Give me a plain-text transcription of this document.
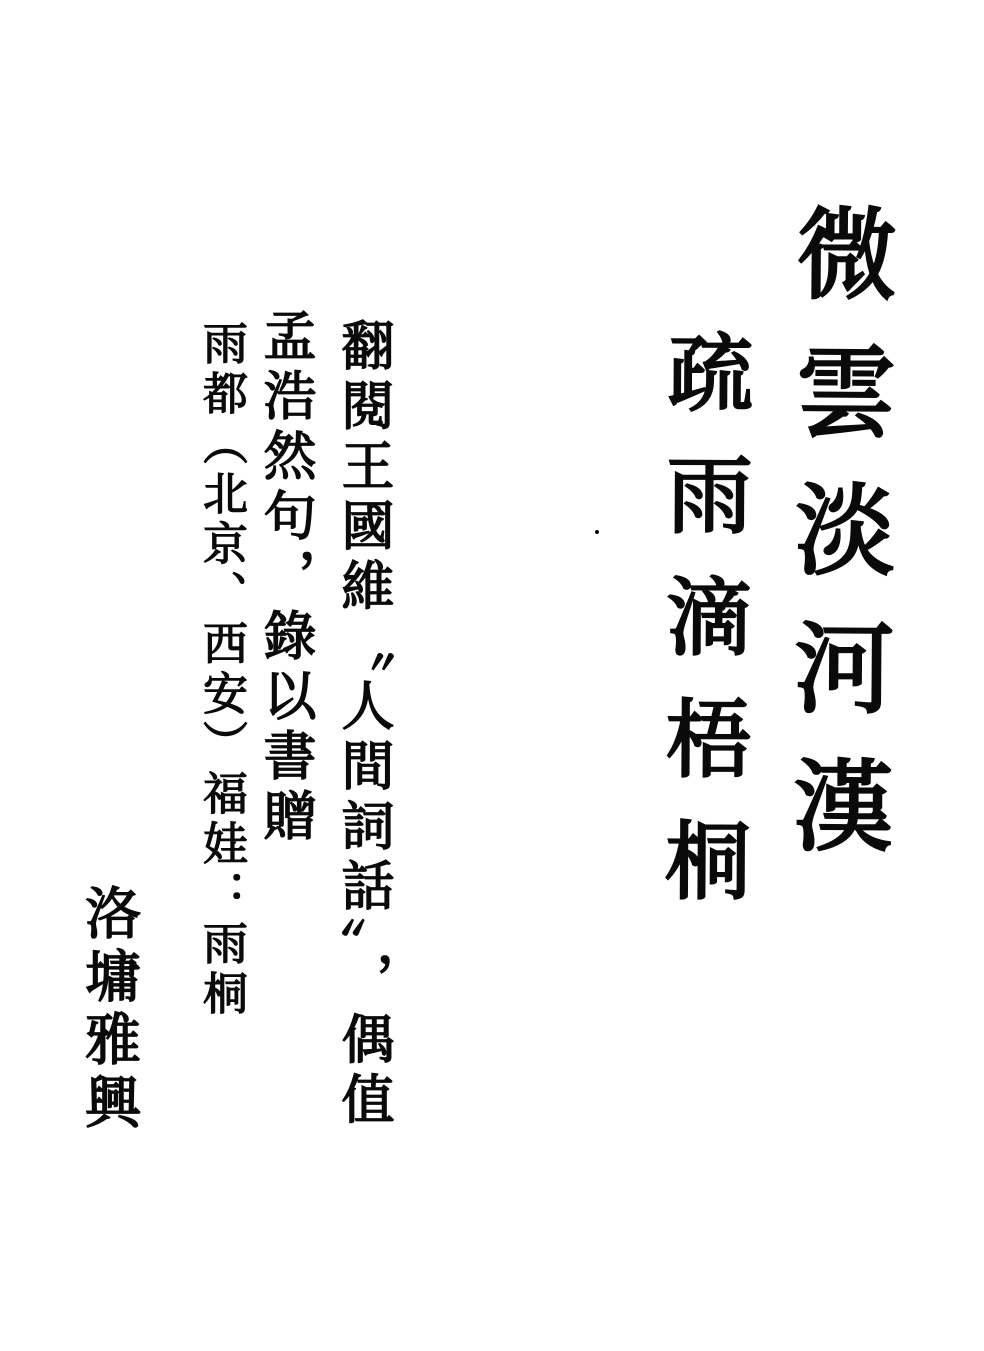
微雲淡河漢
疏雨滴梧桐
翻閱王國維〝人間詞話〞，偶值
孟浩然句，錄以書贈
雨都（北京、西安）福娃：雨桐
洛墉雅興
